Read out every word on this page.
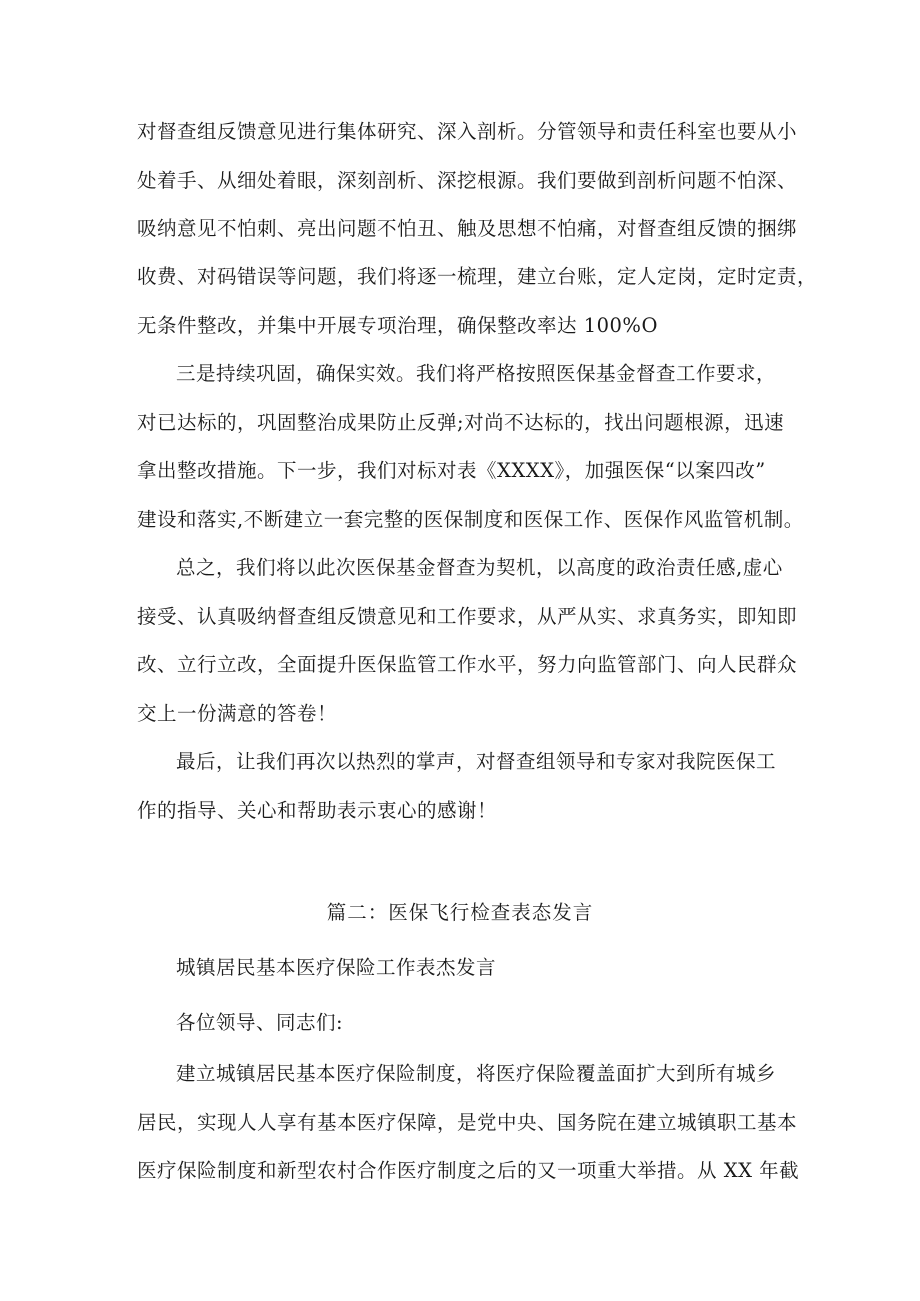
对督查组反馈意见进行集体研究、深入剖析。分管领导和责任科室也要从小
处着手、从细处着眼，深刻剖析、深挖根源。我们要做到剖析问题不怕深、
吸纳意见不怕刺、亮出问题不怕丑、触及思想不怕痛，对督查组反馈的捆绑
收费、对码错误等问题，我们将逐一梳理，建立台账，定人定岗，定时定责，
无条件整改，并集中开展专项治理，确保整改率达 100%O
三是持续巩固，确保实效。我们将严格按照医保基金督查工作要求，
对已达标的，巩固整治成果防止反弹;对尚不达标的，找出问题根源，迅速
拿出整改措施。下一步，我们对标对表《XXXX》，加强医保“以案四改”
建设和落实,不断建立一套完整的医保制度和医保工作、医保作风监管机制。
总之，我们将以此次医保基金督查为契机，以高度的政治责任感,虚心
接受、认真吸纳督查组反馈意见和工作要求，从严从实、求真务实，即知即
改、立行立改，全面提升医保监管工作水平，努力向监管部门、向人民群众
交上一份满意的答卷！
最后，让我们再次以热烈的掌声，对督查组领导和专家对我院医保工
作的指导、关心和帮助表示衷心的感谢！
篇二：医保飞行检查表态发言
城镇居民基本医疗保险工作表杰发言
各位领导、同志们:
建立城镇居民基本医疗保险制度，将医疗保险覆盖面扩大到所有城乡
居民，实现人人享有基本医疗保障，是党中央、国务院在建立城镇职工基本
医疗保险制度和新型农村合作医疗制度之后的又一项重大举措。从 XX 年截
